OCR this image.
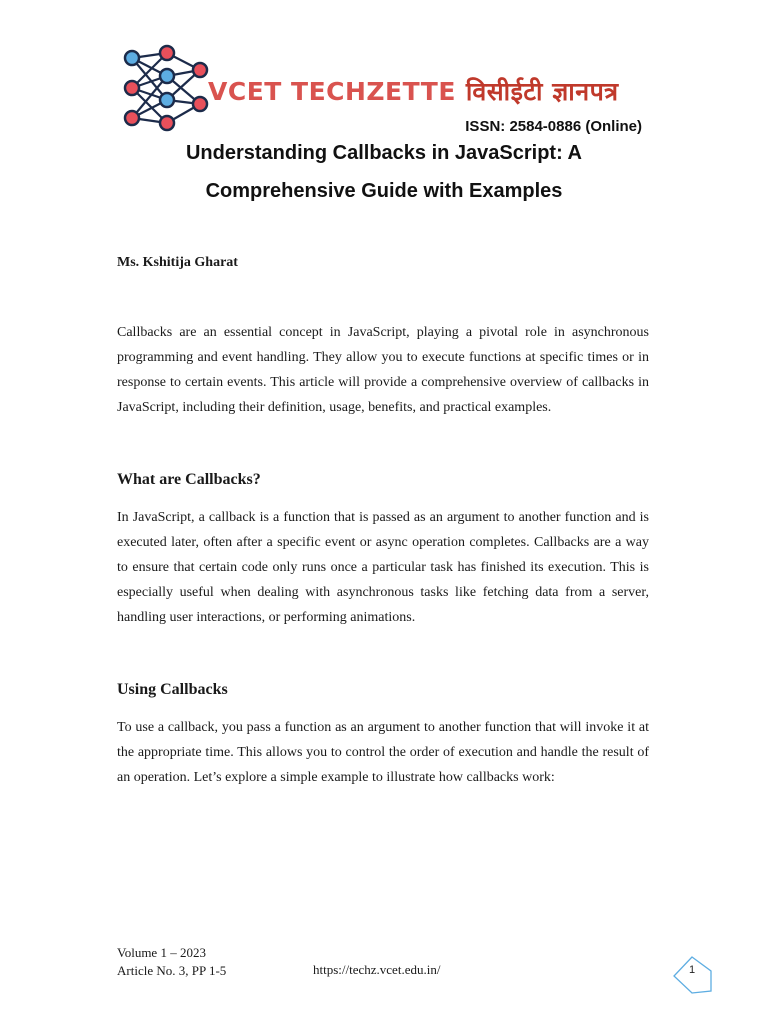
VCET TECHZETTE विसीईटी ज्ञानपत्र
ISSN: 2584-0886 (Online)
Understanding Callbacks in JavaScript: A
Comprehensive Guide with Examples
Ms. Kshitija Gharat

Callbacks are an essential concept in JavaScript, playing a pivotal role in asynchronous programming and event handling. They allow you to execute functions at specific times or in response to certain events. This article will provide a comprehensive overview of callbacks in JavaScript, including their definition, usage, benefits, and practical examples.

What are Callbacks?

In JavaScript, a callback is a function that is passed as an argument to another function and is executed later, often after a specific event or async operation completes. Callbacks are a way to ensure that certain code only runs once a particular task has finished its execution. This is especially useful when dealing with asynchronous tasks like fetching data from a server, handling user interactions, or performing animations.

Using Callbacks

To use a callback, you pass a function as an argument to another function that will invoke it at the appropriate time. This allows you to control the order of execution and handle the result of an operation. Let’s explore a simple example to illustrate how callbacks work:

Volume 1 – 2023
Article No. 3, PP 1-5	https://techz.vcet.edu.in/	1
